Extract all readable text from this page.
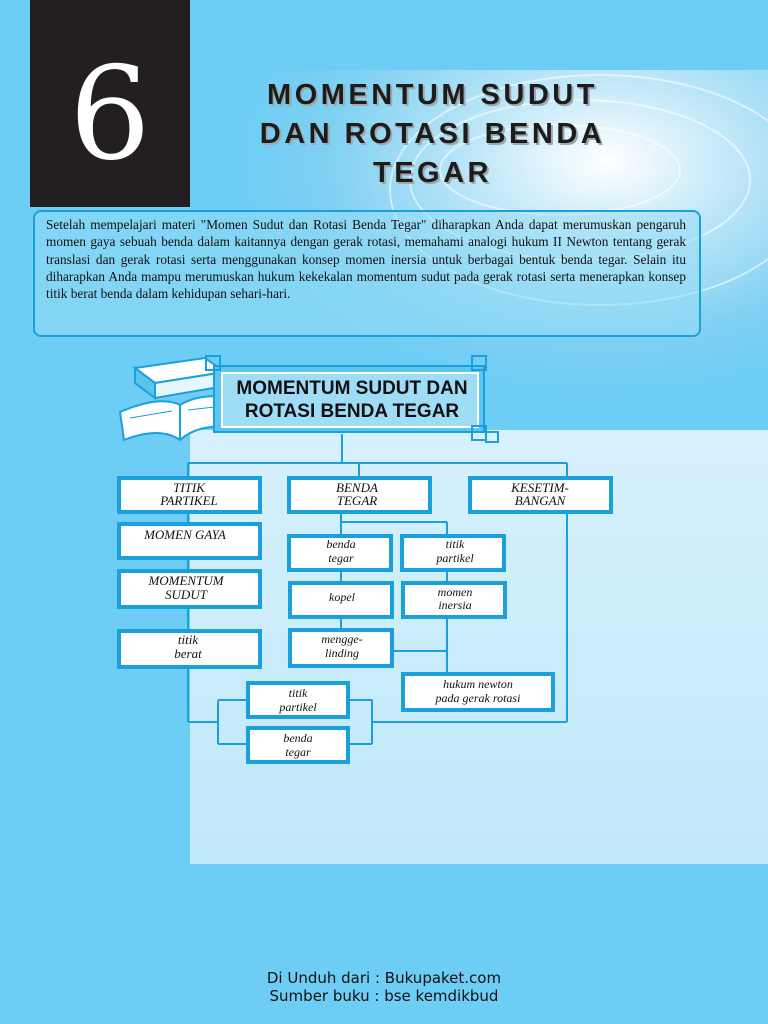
6	MOMENTUM SUDUT
DAN ROTASI BENDA
TEGAR
Setelah mempelajari materi "Momen Sudut dan Rotasi Benda Tegar" diharapkan Anda dapat merumuskan pengaruh momen gaya sebuah benda dalam kaitannya dengan gerak rotasi, memahami analogi hukum II Newton tentang gerak translasi dan gerak rotasi serta menggunakan konsep momen inersia untuk berbagai bentuk benda tegar. Selain itu diharapkan Anda mampu merumuskan hukum kekekalan momentum sudut pada gerak rotasi serta menerapkan konsep titik berat benda dalam kehidupan sehari-hari.
MOMENTUM SUDUT DAN
ROTASI BENDA TEGAR
TITIK
PARTIKEL
BENDA
TEGAR
KESETIM-
BANGAN
MOMEN GAYA
MOMENTUM
SUDUT
titik
berat
benda
tegar
kopel
mengge-
linding
titik
partikel
momen
inersia
hukum newton
pada gerak rotasi
titik
partikel
benda
tegar
Di Unduh dari : Bukupaket.com
Sumber buku : bse kemdikbud
